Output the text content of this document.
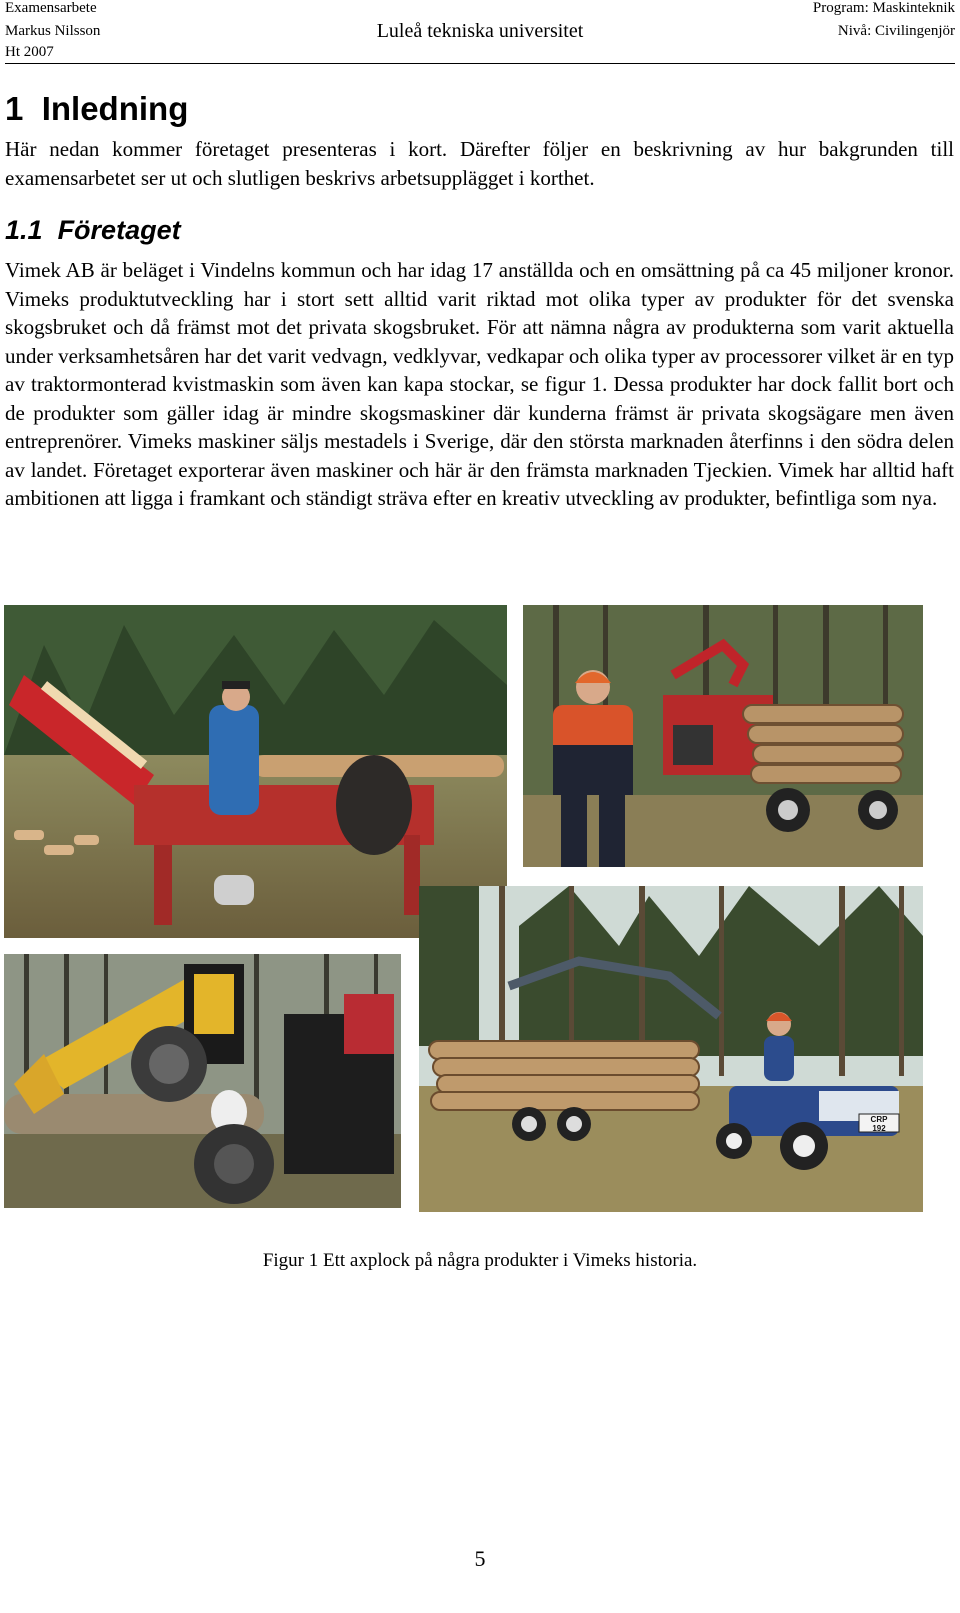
Examensarbete
Markus Nilsson
Ht 2007
Luleå tekniska universitet
Program: Maskinteknik
Nivå: Civilingenjör
1 Inledning

Här nedan kommer företaget presenteras i kort. Därefter följer en beskrivning av hur bakgrunden till examensarbetet ser ut och slutligen beskrivs arbetsupplägget i korthet.

1.1 Företaget

Vimek AB är beläget i Vindelns kommun och har idag 17 anställda och en omsättning på ca 45 miljoner kronor. Vimeks produktutveckling har i stort sett alltid varit riktad mot olika typer av produkter för det svenska skogsbruket och då främst mot det privata skogsbruket. För att nämna några av produkterna som varit aktuella under verksamhetsåren har det varit vedvagn, vedklyvar, vedkapar och olika typer av processorer vilket är en typ av traktormonterad kvistmaskin som även kan kapa stockar, se figur 1. Dessa produkter har dock fallit bort och de produkter som gäller idag är mindre skogsmaskiner där kunderna främst är privata skogsägare men även entreprenörer. Vimeks maskiner säljs mestadels i Sverige, där den största marknaden återfinns i den södra delen av landet. Företaget exporterar även maskiner och här är den främsta marknaden Tjeckien. Vimek har alltid haft ambitionen att ligga i framkant och ständigt sträva efter en kreativ utveckling av produkter, befintliga som nya.

CRP
192
Figur 1 Ett axplock på några produkter i Vimeks historia.
5
